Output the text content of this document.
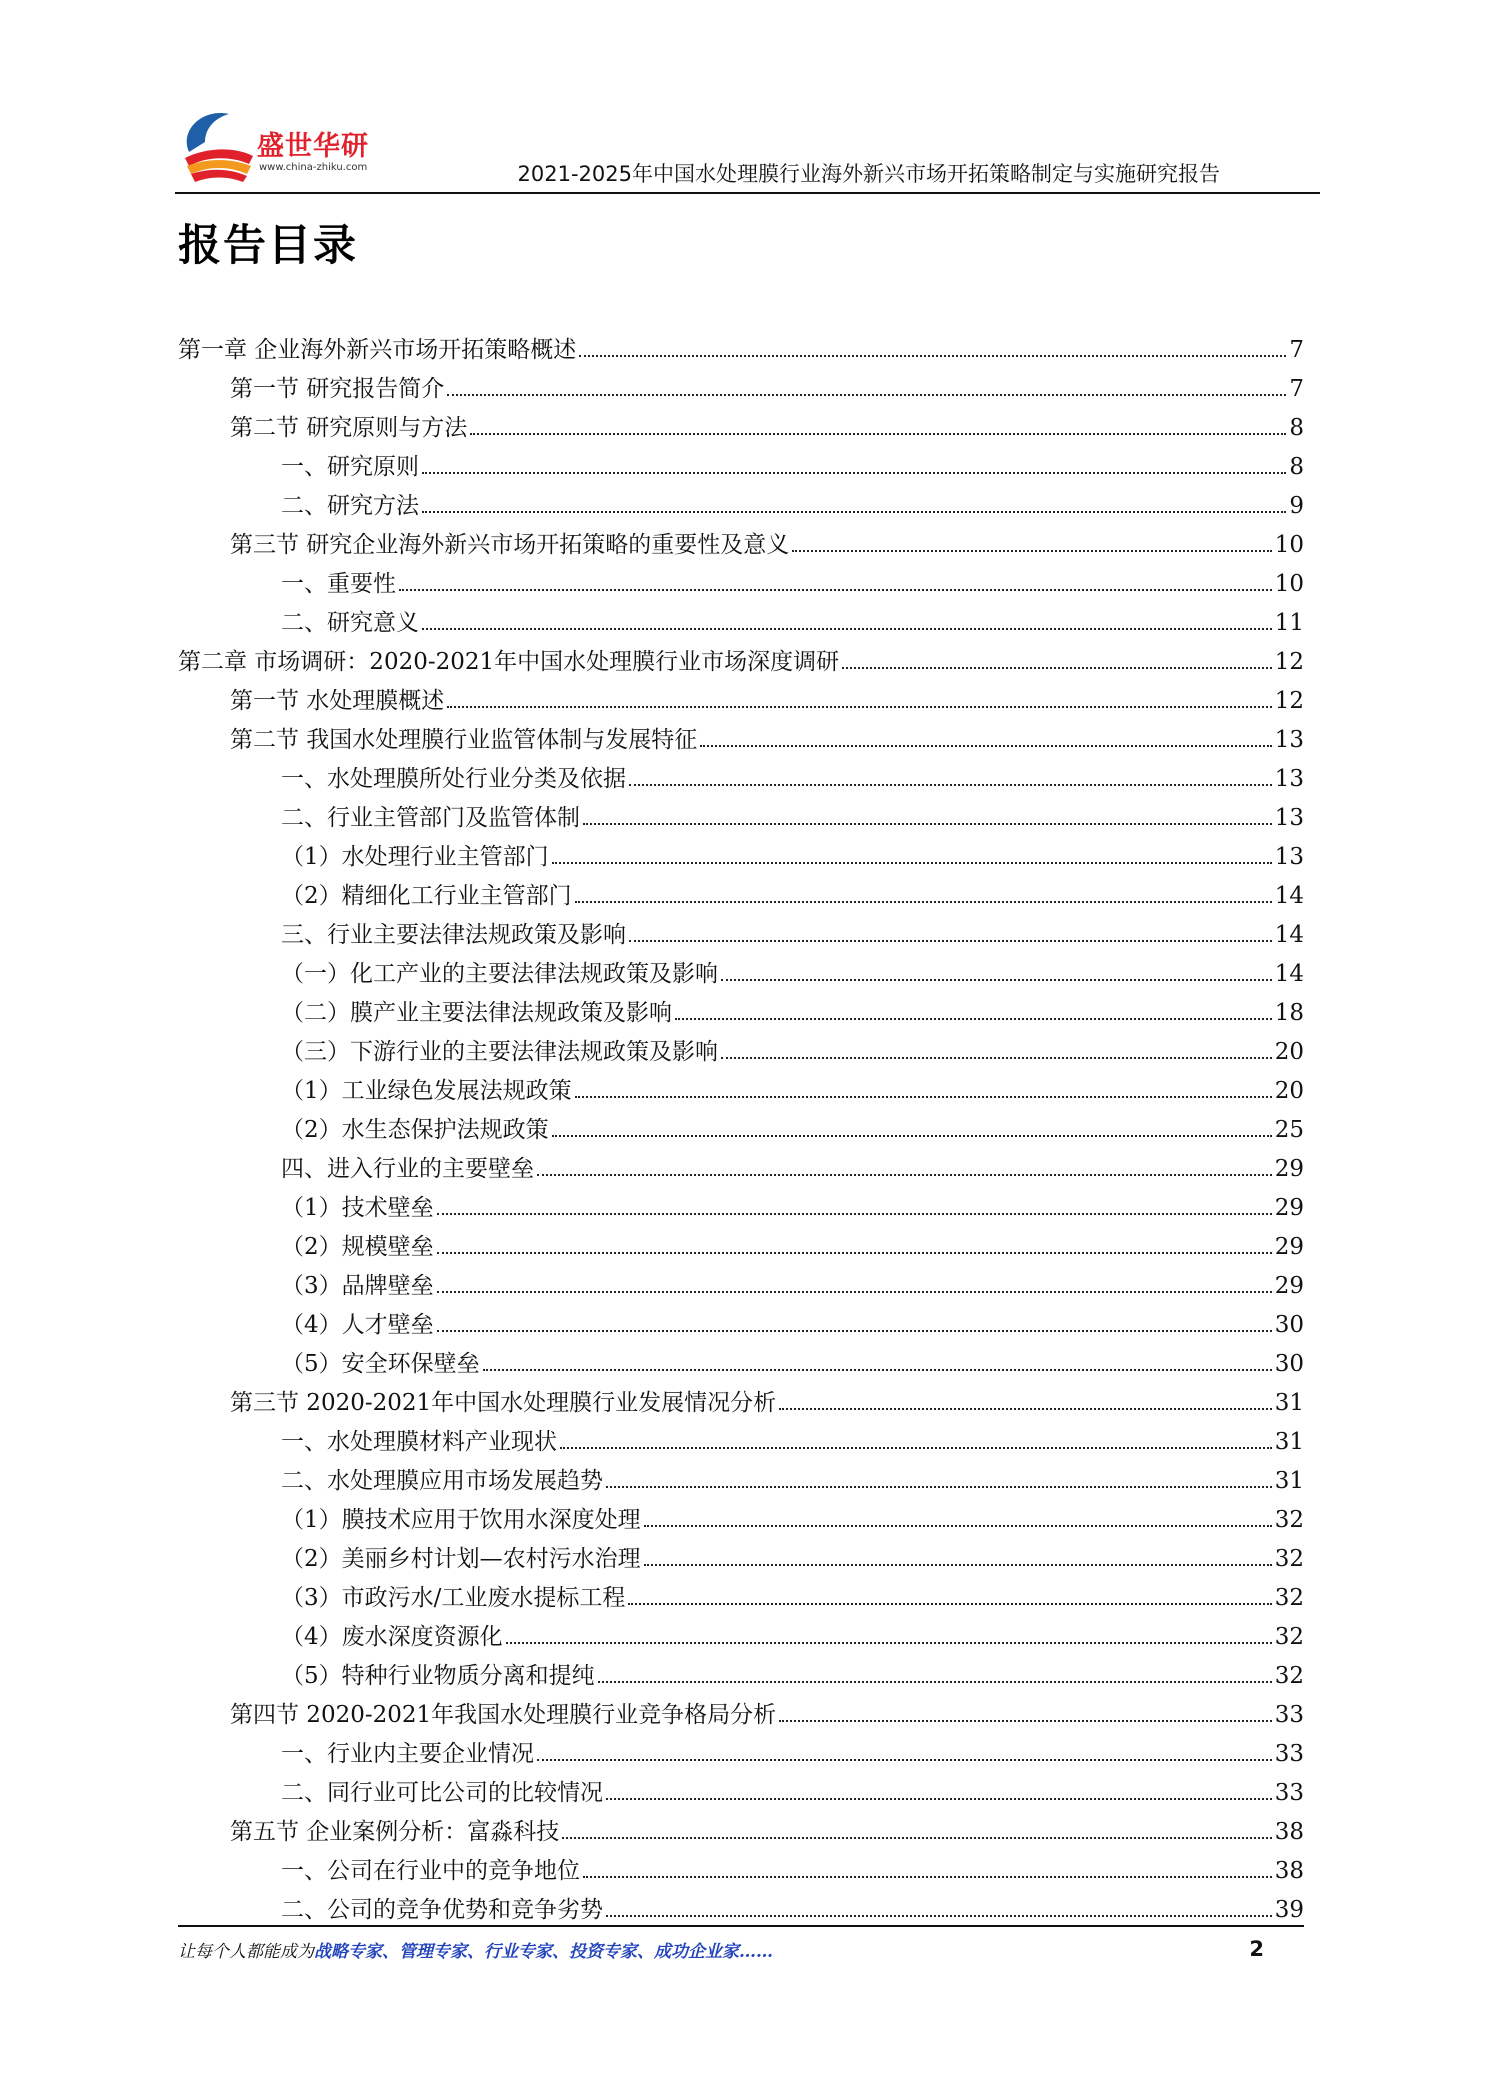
盛世华研
www.china-zhiku.com	2021-2025年中国水处理膜行业海外新兴市场开拓策略制定与实施研究报告
报告目录
第一章 企业海外新兴市场开拓策略概述	7
第一节 研究报告简介	7
第二节 研究原则与方法	8
一、研究原则	8
二、研究方法	9
第三节 研究企业海外新兴市场开拓策略的重要性及意义	10
一、重要性	10
二、研究意义	11
第二章 市场调研：2020-2021年中国水处理膜行业市场深度调研	12
第一节 水处理膜概述	12
第二节 我国水处理膜行业监管体制与发展特征	13
一、水处理膜所处行业分类及依据	13
二、行业主管部门及监管体制	13
（1）水处理行业主管部门	13
（2）精细化工行业主管部门	14
三、行业主要法律法规政策及影响	14
（一）化工产业的主要法律法规政策及影响	14
（二）膜产业主要法律法规政策及影响	18
（三）下游行业的主要法律法规政策及影响	20
（1）工业绿色发展法规政策	20
（2）水生态保护法规政策	25
四、进入行业的主要壁垒	29
（1）技术壁垒	29
（2）规模壁垒	29
（3）品牌壁垒	29
（4）人才壁垒	30
（5）安全环保壁垒	30
第三节 2020-2021年中国水处理膜行业发展情况分析	31
一、水处理膜材料产业现状	31
二、水处理膜应用市场发展趋势	31
（1）膜技术应用于饮用水深度处理	32
（2）美丽乡村计划—农村污水治理	32
（3）市政污水/工业废水提标工程	32
（4）废水深度资源化	32
（5）特种行业物质分离和提纯	32
第四节 2020-2021年我国水处理膜行业竞争格局分析	33
一、行业内主要企业情况	33
二、同行业可比公司的比较情况	33
第五节 企业案例分析：富淼科技	38
一、公司在行业中的竞争地位	38
二、公司的竞争优势和竞争劣势	39
让每个人都能成为战略专家、管理专家、行业专家、投资专家、成功企业家……	2
